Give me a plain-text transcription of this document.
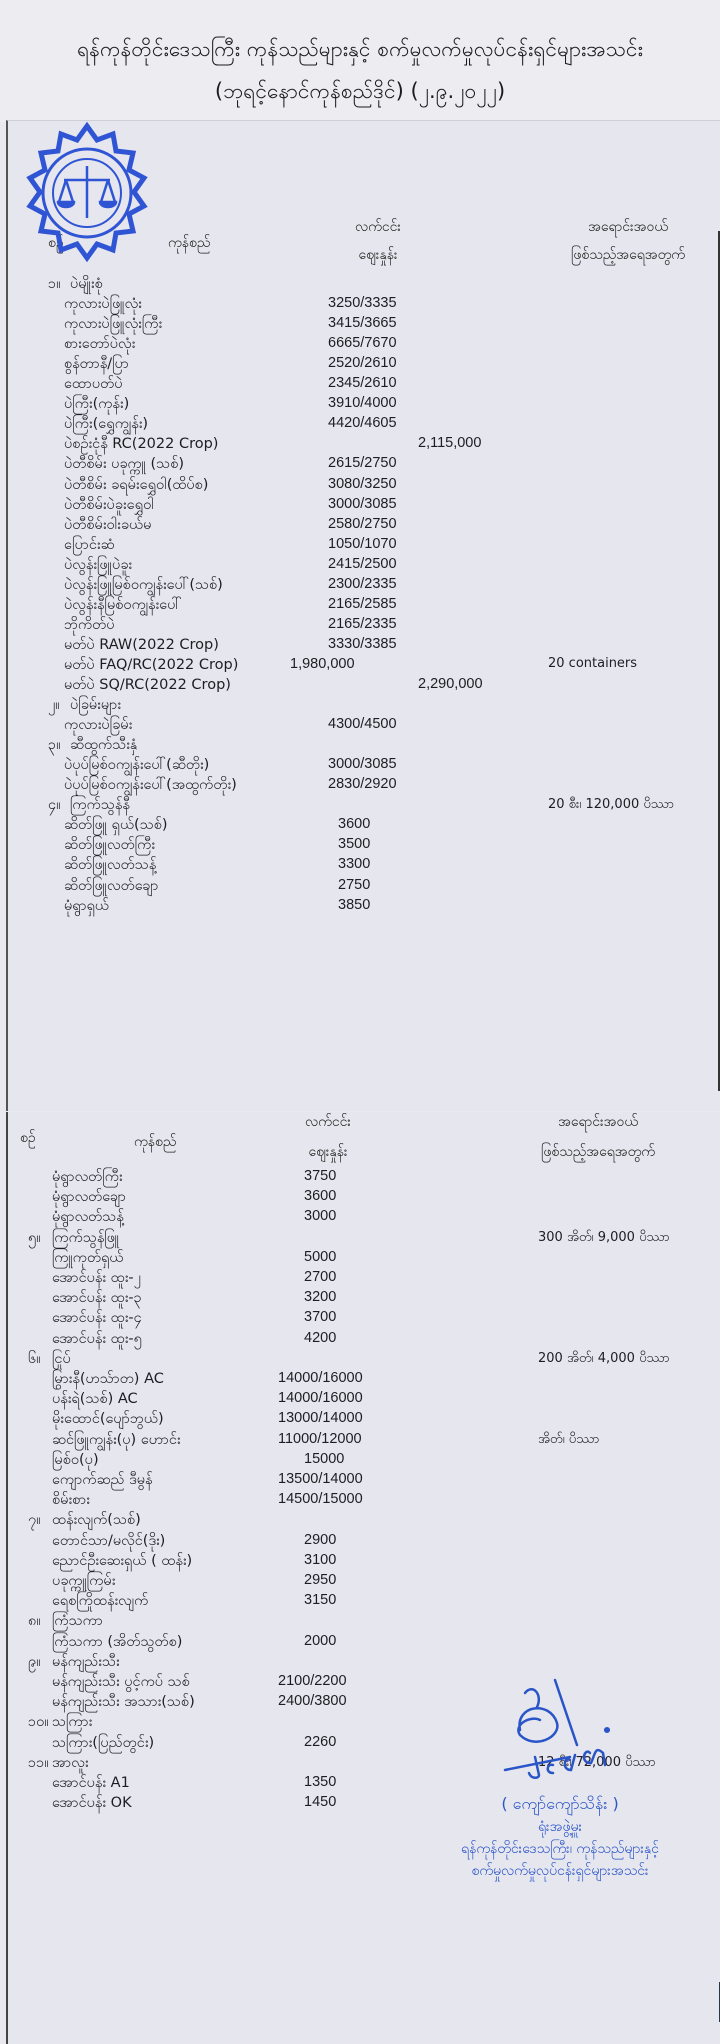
ရန်ကုန်တိုင်းဒေသကြီး ကုန်သည်များနှင့် စက်မှုလက်မှုလုပ်ငန်းရှင်များအသင်း
(ဘုရင့်နောင်ကုန်စည်ဒိုင်) (၂.၉.၂၀၂၂)
စဉ်	ကုန်စည်
လက်ငင်း
ဈေးနှုန်း
အရောင်းအဝယ်
ဖြစ်သည့်အရေအတွက်
၁။ ပဲမျိုးစုံ
ကုလားပဲဖြူလုံး	3250/3335
ကုလားပဲဖြူလုံးကြီး	3415/3665
စားတော်ပဲလုံး	6665/7670
စွန်တာနီ/ပြာ	2520/2610
ထောပတ်ပဲ	2345/2610
ပဲကြီး(ကုန်း)	3910/4000
ပဲကြီး(ရွှေကျွန်း)	4420/4605
ပဲစဉ်းငုံနီ RC(2022 Crop)	2,115,000
ပဲတီစိမ်း ပခုက္ကူ (သစ်)	2615/2750
ပဲတီစိမ်း ခရမ်းရွှေဝါ(ထိပ်စ)	3080/3250
ပဲတီစိမ်းပဲခူးရွှေဝါ	3000/3085
ပဲတီစိမ်းဝါးခယ်မ	2580/2750
ပြောင်းဆံ	1050/1070
ပဲလွန်းဖြူပဲခူး	2415/2500
ပဲလွန်းဖြူမြစ်ဝကျွန်းပေါ်(သစ်)	2300/2335
ပဲလွန်းနီမြစ်ဝကျွန်းပေါ်	2165/2585
ဘိုကိတ်ပဲ	2165/2335
မတ်ပဲ RAW(2022 Crop)	3330/3385
မတ်ပဲ FAQ/RC(2022 Crop)	1,980,000	20 containers
မတ်ပဲ SQ/RC(2022 Crop)	2,290,000
၂။ ပဲခြမ်းများ
ကုလားပဲခြမ်း	4300/4500
၃။ ဆီထွက်သီးနှံ
ပဲပုပ်မြစ်ဝကျွန်းပေါ်(ဆီတိုး)	3000/3085
ပဲပုပ်မြစ်ဝကျွန်းပေါ်(အထွက်တိုး)	2830/2920
၄။ ကြက်သွန်နီ	20 စီး၊ 120,000 ပိဿာ
ဆိတ်ဖြူ ရှယ်(သစ်)	3600
ဆိတ်ဖြူလတ်ကြီး	3500
ဆိတ်ဖြူလတ်သန့်	3300
ဆိတ်ဖြူလတ်ချော	2750
မုံရွာရှယ်	3850
စဉ်	ကုန်စည်
လက်ငင်း
ဈေးနှုန်း
အရောင်းအဝယ်
ဖြစ်သည့်အရေအတွက်
မုံရွာလတ်ကြီး	3750
မုံရွာလတ်ချော	3600
မုံရွာလတ်သန့်	3000
၅။ ကြက်သွန်ဖြူ	300 အိတ်၊ 9,000 ပိဿာ
ကြူကုတ်ရှယ်	5000
အောင်ပန်း ထူး-၂	2700
အောင်ပန်း ထူး-၃	3200
အောင်ပန်း ထူး-၄	3700
အောင်ပန်း ထူး-၅	4200
၆။ ငြုပ်	200 အိတ်၊ 4,000 ပိဿာ
မြွားနီ(ဟသ်ာတ) AC	14000/16000
ပန်းရဲ(သစ်) AC	14000/16000
မိုးထောင်(ပျော်ဘွယ်)	13000/14000
ဆင်ဖြူကျွန်း(ပု) ဟောင်း	11000/12000	အိတ်၊ ပိဿာ
မြစ်ဝ(ပု)	15000
ကျောက်ဆည် ဒီမွန်	13500/14000
စိမ်းစား	14500/15000
၇။ ထန်းလျက်(သစ်)
တောင်သာ/မလိုင်(ဒိုး)	2900
ညောင်ဦးဆေးရှယ် ( ထန်း)	3100
ပခုက္ကူကြမ်း	2950
ရေစကြိုထန်းလျက်	3150
၈။ ကြံသကာ
ကြံသကာ (အိတ်သွတ်စ)	2000
၉။ မန်ကျည်းသီး
မန်ကျည်းသီး ပွင့်ကပ် သစ်	2100/2200
မန်ကျည်းသီး အသား(သစ်)	2400/3800
၁၀။ သကြား
သကြား(ပြည်တွင်း)	2260
၁၁။ အာလူး	12 စီး၊ 72,000 ပိဿာ
အောင်ပန်း A1	1350
အောင်ပန်း OK	1450	( ကျော်ကျော်သိန်း )
ရုံးအဖွဲ့မှူး
ရန်ကုန်တိုင်းဒေသကြီး၊ ကုန်သည်များနှင့်
စက်မှုလက်မှုလုပ်ငန်းရှင်များအသင်း
